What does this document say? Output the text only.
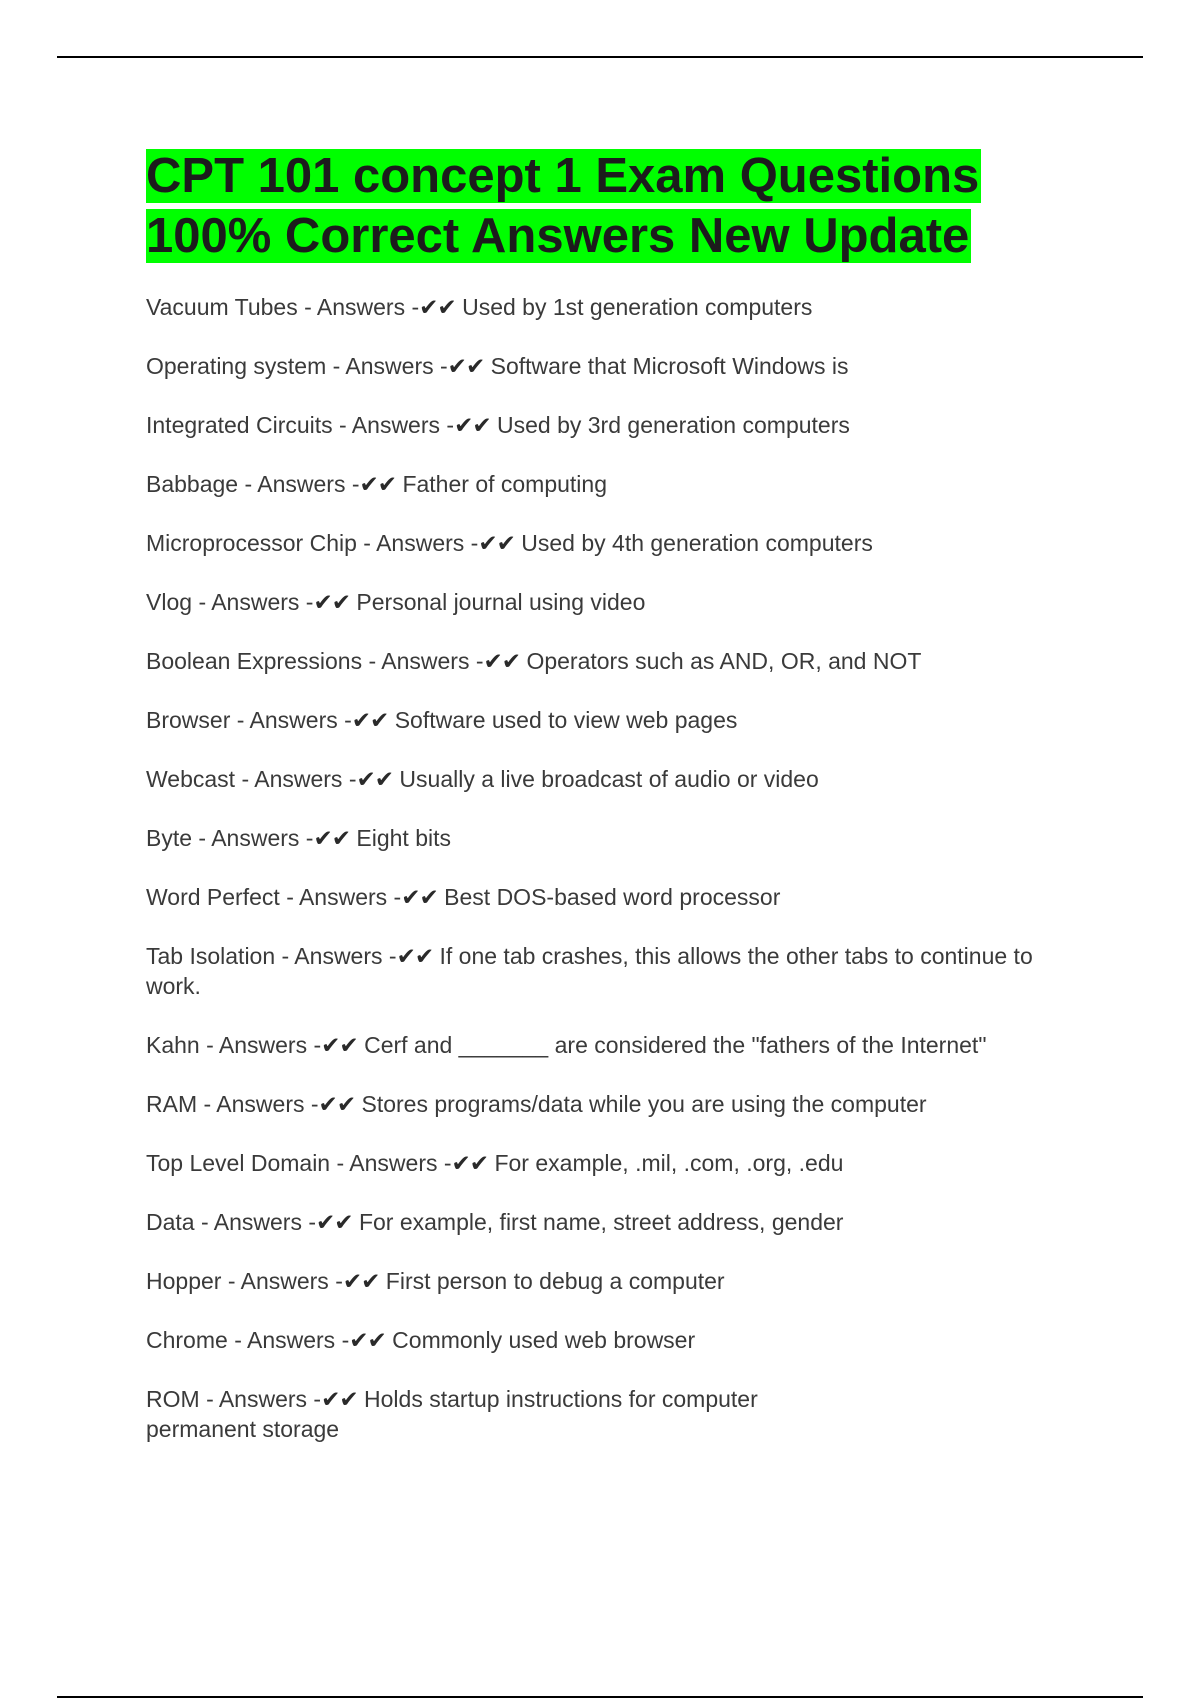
CPT 101 concept 1 Exam Questions
100% Correct Answers New Update

Vacuum Tubes - Answers -✔✔ Used by 1st generation computers

Operating system - Answers -✔✔ Software that Microsoft Windows is

Integrated Circuits - Answers -✔✔ Used by 3rd generation computers

Babbage - Answers -✔✔ Father of computing

Microprocessor Chip - Answers -✔✔ Used by 4th generation computers

Vlog - Answers -✔✔ Personal journal using video

Boolean Expressions - Answers -✔✔ Operators such as AND, OR, and NOT

Browser - Answers -✔✔ Software used to view web pages

Webcast - Answers -✔✔ Usually a live broadcast of audio or video

Byte - Answers -✔✔ Eight bits

Word Perfect - Answers -✔✔ Best DOS-based word processor

Tab Isolation - Answers -✔✔ If one tab crashes, this allows the other tabs to continue to work.

Kahn - Answers -✔✔ Cerf and _______ are considered the "fathers of the Internet"

RAM - Answers -✔✔ Stores programs/data while you are using the computer

Top Level Domain - Answers -✔✔ For example, .mil, .com, .org, .edu

Data - Answers -✔✔ For example, first name, street address, gender

Hopper - Answers -✔✔ First person to debug a computer

Chrome - Answers -✔✔ Commonly used web browser

ROM - Answers -✔✔ Holds startup instructions for computer
permanent storage
